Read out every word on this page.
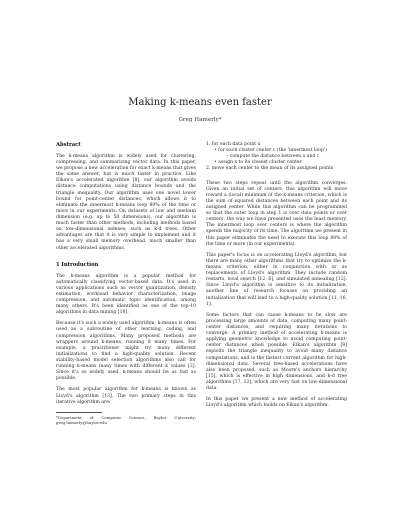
Making k-means even faster
Greg Hamerly*
Abstract

The k-means algorithm is widely used for clustering, compressing, and summarizing vector data. In this paper, we propose a new acceleration for exact k-means that gives the same answer, but is much faster in practice. Like Elkan's accelerated algorithm [8], our algorithm avoids distance computations using distance bounds and the triangle inequality. Our algorithm uses one novel lower bound for point-center distances, which allows it to eliminate the innermost k-means loop 80% of the time or more in our experiments. On datasets of low and medium dimension (e.g. up to 50 dimensions), our algorithm is much faster than other methods, including methods based on low-dimensional indexes, such as k-d trees. Other advantages are that it is very simple to implement and it has a very small memory overhead, much smaller than other accelerated algorithms.

1 Introduction

The k-means algorithm is a popular method for automatically classifying vector-based data. It's used in various applications such as vector quantization, density estimation, workload behavior characterization, image compression, and automatic topic identification, among many others. It's been identified as one of the top-10 algorithms in data mining [18].

Because it's such a widely used algorithm, k-means is often used as a subroutine of other learning, coding, and compression algorithms. Many proposed methods are wrappers around k-means, running it many times. For example, a practitioner might try many different initializations to find a high-quality solution. Recent stability-based model selection algorithms also call for running k-means many times with different k values [2]. Since it's so widely used, k-means should be as fast as possible.

The most popular algorithm for k-means is known as Lloyd's algorithm [13]. The two primary steps in this iterative algorithm are:

*Department of Computer Science, Baylor University; greg.hamerly@baylor.edu
1. for each data point x
• for each cluster center c (the 'innermost loop')
– compute the distance between x and c
• assign x to its closest cluster center
2. move each center to the mean of its assigned points

These two steps repeat until the algorithm converges. Given an initial set of centers, this algorithm will move toward a (local) minimum of the k-means criterion, which is the sum of squared distances between each point and its assigned center. While this algorithm can be programmed so that the outer loop in step 1 is over data points or over centers, the way we have presented uses the least memory. The innermost loop over centers is where the algorithm spends the majority of its time. The algorithm we present in this paper eliminates the need to execute this loop 80% of the time or more (in our experiments).

This paper's focus is on accelerating Lloyd's algorithm, but there are many other algorithms that try to optimize the k-means criterion, either in conjunction with or as replacements of Lloyd's algorithm. They include random restarts, local search [12, 6], and simulated annealing [12]. Since Lloyd's algorithm is sensitive to its initialization, another line of research focuses on providing an initialization that will lead to a high-quality solution [11, 16, 1].

Some factors that can cause k-means to be slow are processing large amounts of data, computing many point-center distances, and requiring many iterations to converge. A primary method of accelerating k-means is applying geometric knowledge to avoid computing point-center distances when possible. Elkan's algorithm [8] exploits the triangle inequality to avoid many distance computations, and is the fastest current algorithm for high-dimensional data. Several tree-based accelerations have also been proposed, such as Moore's anchors hierarchy [15], which is effective in high dimensions, and k-d tree algorithms [17, 12], which are very fast on low-dimensional data.

In this paper we present a new method of accelerating Lloyd's algorithm which builds on Elkan's algorithm.
